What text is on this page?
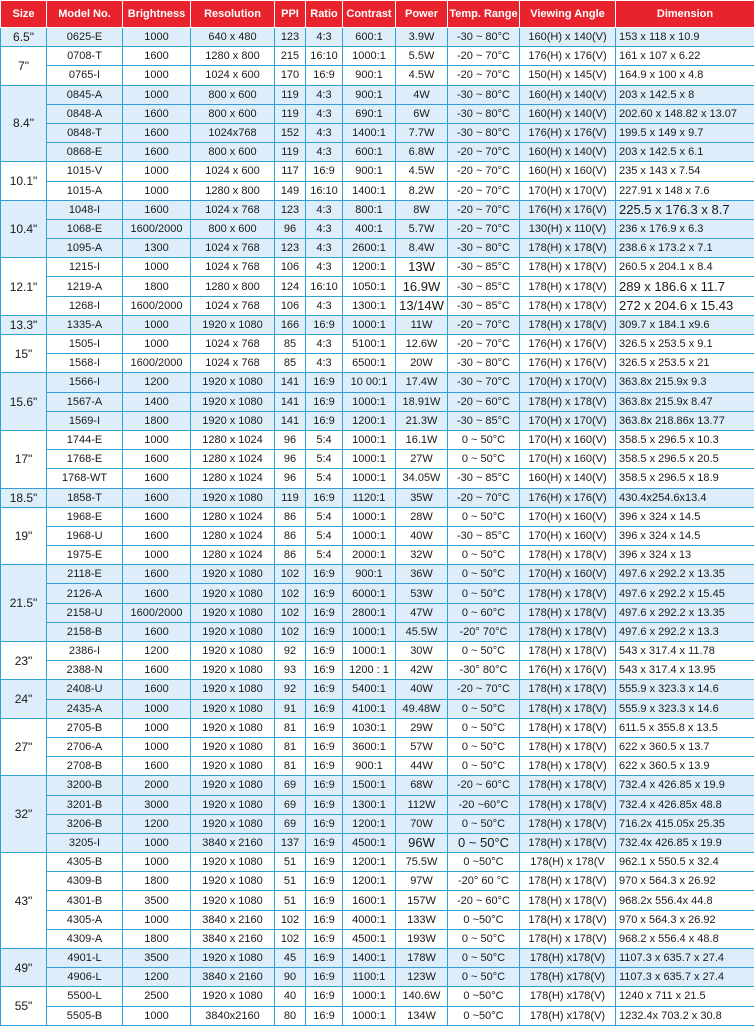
Size	Model No.	Brightness	Resolution	PPI	Ratio	Contrast	Power	Temp. Range	Viewing Angle	Dimension
6.5"	0625-E	1000	640 x 480	123	4:3	600:1	3.9W	-30 ~ 80°C	160(H) x 140(V)	153 x 118 x 10.9
7"	0708-T	1600	1280 x 800	215	16:10	1000:1	5.5W	-20 ~ 70°C	176(H) x 176(V)	161 x 107 x 6.22
	0765-I	1000	1024 x 600	170	16:9	900:1	4.5W	-20 ~ 70°C	150(H) x 145(V)	164.9 x 100 x 4.8
8.4"	0845-A	1000	800 x 600	119	4:3	900:1	4W	-30 ~ 80°C	160(H) x 140(V)	203 x 142.5 x 8
	0848-A	1600	800 x 600	119	4:3	690:1	6W	-30 ~ 80°C	160(H) x 140(V)	202.60 x 148.82 x 13.07
	0848-T	1600	1024x768	152	4:3	1400:1	7.7W	-30 ~ 80°C	176(H) x 176(V)	199.5 x 149 x 9.7
	0868-E	1600	800 x 600	119	4:3	600:1	6.8W	-20 ~ 70°C	160(H) x 140(V)	203 x 142.5 x 6.1
10.1"	1015-V	1000	1024 x 600	117	16:9	900:1	4.5W	-20 ~ 70°C	160(H) x 160(V)	235 x 143 x 7.54
	1015-A	1000	1280 x 800	149	16:10	1400:1	8.2W	-20 ~ 70°C	170(H) x 170(V)	227.91 x 148 x 7.6
10.4"	1048-I	1600	1024 x 768	123	4:3	800:1	8W	-20 ~ 70°C	176(H) x 176(V)	225.5 x 176.3 x 8.7
	1068-E	1600/2000	800 x 600	96	4:3	400:1	5.7W	-20 ~ 70°C	130(H) x 110(V)	236 x 176.9 x 6.3
	1095-A	1300	1024 x 768	123	4:3	2600:1	8.4W	-30 ~ 80°C	178(H) x 178(V)	238.6 x 173.2 x 7.1
12.1"	1215-I	1000	1024 x 768	106	4:3	1200:1	13W	-30 ~ 85°C	178(H) x 178(V)	260.5 x 204.1 x 8.4
	1219-A	1800	1280 x 800	124	16:10	1050:1	16.9W	-30 ~ 85°C	178(H) x 178(V)	289 x 186.6 x 11.7
	1268-I	1600/2000	1024 x 768	106	4:3	1300:1	13/14W	-30 ~ 85°C	178(H) x 178(V)	272 x 204.6 x 15.43
13.3"	1335-A	1000	1920 x 1080	166	16:9	1000:1	11W	-20 ~ 70°C	178(H) x 178(V)	309.7 x 184.1 x9.6
15"	1505-I	1000	1024 x 768	85	4:3	5100:1	12.6W	-20 ~ 70°C	176(H) x 176(V)	326.5 x 253.5 x 9.1
	1568-I	1600/2000	1024 x 768	85	4:3	6500:1	20W	-30 ~ 80°C	176(H) x 176(V)	326.5 x 253.5 x 21
15.6"	1566-I	1200	1920 x 1080	141	16:9	10 00:1	17.4W	-30 ~ 70°C	170(H) x 170(V)	363.8x 215.9x 9.3
	1567-A	1400	1920 x 1080	141	16:9	1000:1	18.91W	-20 ~ 60°C	178(H) x 178(V)	363.8x 215.9x 8.47
	1569-I	1800	1920 x 1080	141	16:9	1200:1	21.3W	-30 ~ 85°C	170(H) x 170(V)	363.8x 218.86x 13.77
17"	1744-E	1000	1280 x 1024	96	5:4	1000:1	16.1W	0 ~ 50°C	170(H) x 160(V)	358.5 x 296.5 x 10.3
	1768-E	1600	1280 x 1024	96	5:4	1000:1	27W	0 ~ 50°C	170(H) x 160(V)	358.5 x 296.5 x 20.5
	1768-WT	1600	1280 x 1024	96	5:4	1000:1	34.05W	-30 ~ 85°C	160(H) x 140(V)	358.5 x 296.5 x 18.9
18.5"	1858-T	1600	1920 x 1080	119	16:9	1120:1	35W	-20 ~ 70°C	176(H) x 176(V)	430.4x254.6x13.4
19"	1968-E	1600	1280 x 1024	86	5:4	1000:1	28W	0 ~ 50°C	170(H) x 160(V)	396 x 324 x 14.5
	1968-U	1600	1280 x 1024	86	5:4	1000:1	40W	-30 ~ 85°C	170(H) x 160(V)	396 x 324 x 14.5
	1975-E	1000	1280 x 1024	86	5:4	2000:1	32W	0 ~ 50°C	178(H) x 178(V)	396 x 324 x 13
21.5"	2118-E	1600	1920 x 1080	102	16:9	900:1	36W	0 ~ 50°C	170(H) x 160(V)	497.6 x 292.2 x 13.35
	2126-A	1600	1920 x 1080	102	16:9	6000:1	53W	0 ~ 50°C	178(H) x 178(V)	497.6 x 292.2 x 15.45
	2158-U	1600/2000	1920 x 1080	102	16:9	2800:1	47W	0 ~ 60°C	178(H) x 178(V)	497.6 x 292.2 x 13.35
	2158-B	1600	1920 x 1080	102	16:9	1000:1	45.5W	-20° 70°C	178(H) x 178(V)	497.6 x 292.2 x 13.3
23"	2386-I	1200	1920 x 1080	92	16:9	1000:1	30W	0 ~ 50°C	178(H) x 178(V)	543 x 317.4 x 11.78
	2388-N	1600	1920 x 1080	93	16:9	1200 : 1	42W	-30° 80°C	176(H) x 176(V)	543 x 317.4 x 13.95
24"	2408-U	1600	1920 x 1080	92	16:9	5400:1	40W	-20 ~ 70°C	178(H) x 178(V)	555.9 x 323.3 x 14.6
	2435-A	1000	1920 x 1080	91	16:9	4100:1	49.48W	0 ~ 50°C	178(H) x 178(V)	555.9 x 323.3 x 14.6
27"	2705-B	1000	1920 x 1080	81	16:9	1030:1	29W	0 ~ 50°C	178(H) x 178(V)	611.5 x 355.8 x 13.5
	2706-A	1000	1920 x 1080	81	16:9	3600:1	57W	0 ~ 50°C	178(H) x 178(V)	622 x 360.5 x 13.7
	2708-B	1600	1920 x 1080	81	16:9	900:1	44W	0 ~ 50°C	178(H) x 178(V)	622 x 360.5 x 13.9
32"	3200-B	2000	1920 x 1080	69	16:9	1500:1	68W	-20 ~ 60°C	178(H) x 178(V)	732.4 x 426.85 x 19.9
	3201-B	3000	1920 x 1080	69	16:9	1300:1	112W	-20 ~60°C	178(H) x 178(V)	732.4 x 426.85x 48.8
	3206-B	1200	1920 x 1080	69	16:9	1200:1	70W	0 ~ 50°C	178(H) x 178(V)	716.2x 415.05x 25.35
	3205-I	1000	3840 x 2160	137	16:9	4500:1	96W	0 ~ 50°C	178(H) x 178(V)	732.4x 426.85 x 19.9
43"	4305-B	1000	1920 x 1080	51	16:9	1200:1	75.5W	0 ~50°C	178(H) x 178(V	962.1 x 550.5 x 32.4
	4309-B	1800	1920 x 1080	51	16:9	1200:1	97W	-20° 60 °C	178(H) x 178(V)	970 x 564.3 x 26.92
	4301-B	3500	1920 x 1080	51	16:9	1600:1	157W	-20 ~ 60°C	178(H) x 178(V)	968.2x 556.4x 44.8
	4305-A	1000	3840 x 2160	102	16:9	4000:1	133W	0 ~50°C	178(H) x 178(V)	970 x 564.3 x 26.92
	4309-A	1800	3840 x 2160	102	16:9	4500:1	193W	0 ~ 50°C	178(H) x 178(V)	968.2 x 556.4 x 48.8
49"	4901-L	3500	1920 x 1080	45	16:9	1400:1	178W	0 ~ 50°C	178(H) x178(V)	1107.3 x 635.7 x 27.4
	4906-L	1200	3840 x 2160	90	16:9	1100:1	123W	0 ~ 50°C	178(H) x178(V)	1107.3 x 635.7 x 27.4
55"	5500-L	2500	1920 x 1080	40	16:9	1000:1	140.6W	0 ~50°C	178(H) x178(V)	1240 x 711 x 21.5
	5505-B	1000	3840x2160	80	16:9	1000:1	134W	0 ~50°C	178(H) x178(V)	1232.4x 703.2 x 30.8
